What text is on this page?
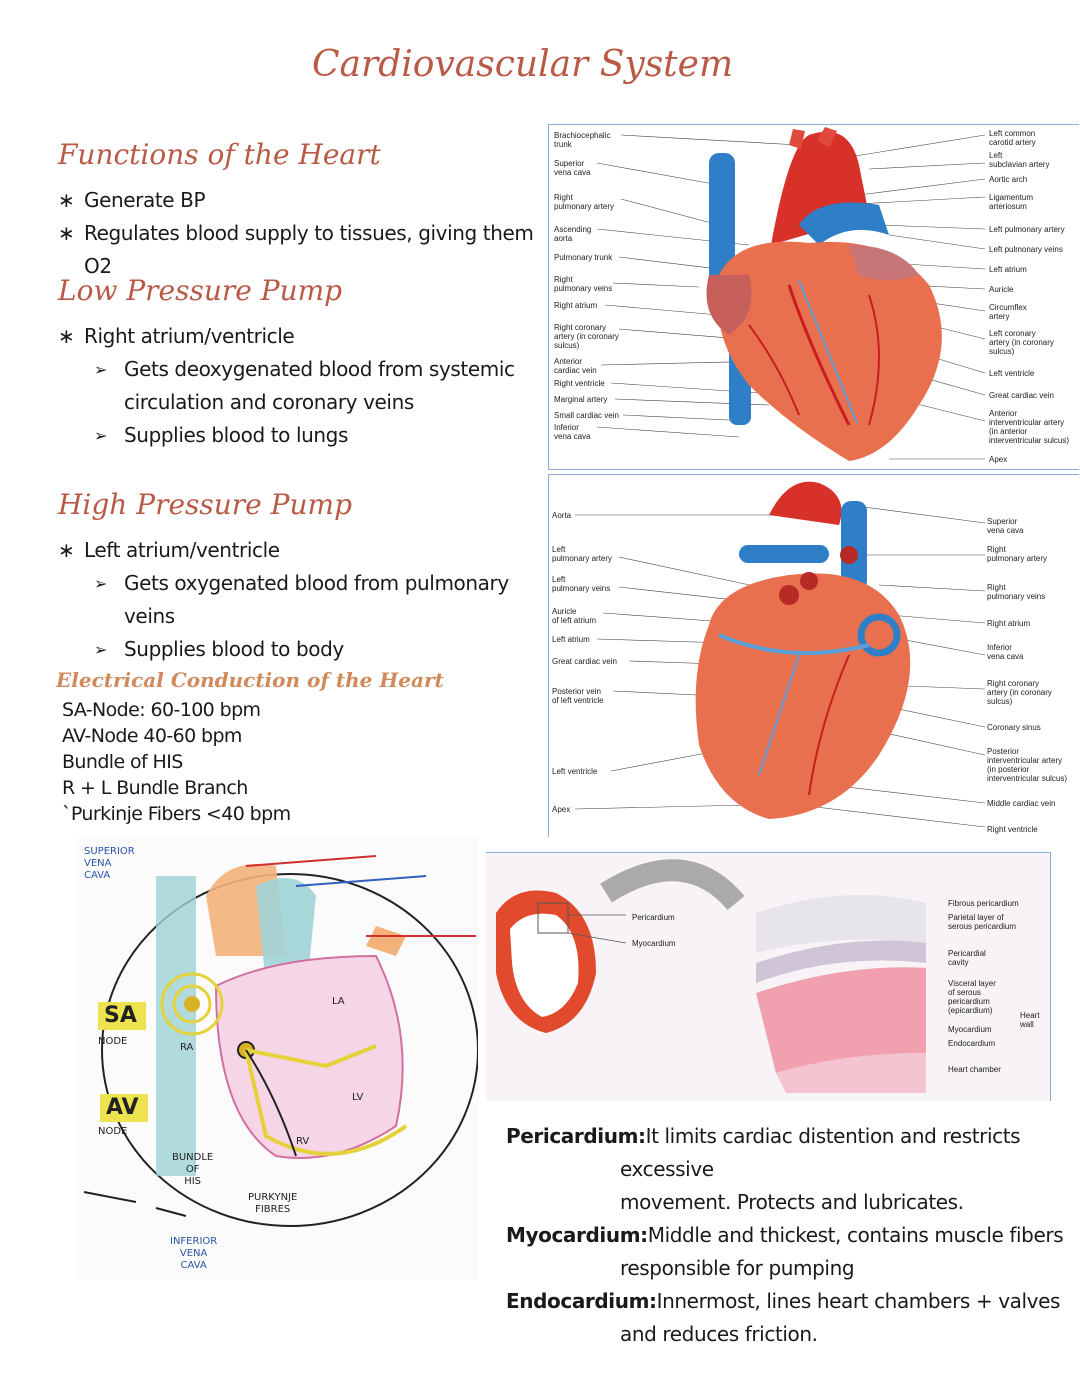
Cardiovascular System
Functions of the Heart
∗ Generate BP
∗ Regulates blood supply to tissues, giving them O2
Low Pressure Pump
∗ Right atrium/ventricle
➢ Gets deoxygenated blood from systemic
circulation and coronary veins
➢ Supplies blood to lungs
High Pressure Pump
∗ Left atrium/ventricle
➢ Gets oxygenated blood from pulmonary veins
➢ Supplies blood to body
Electrical Conduction of the Heart
SA-Node: 60-100 bpm
AV-Node 40-60 bpm
Bundle of HIS
R + L Bundle Branch
`Purkinje Fibers <40 bpm
Brachiocephalic
trunk
Superior
vena cava
Right
pulmonary artery
Ascending
aorta
Pulmonary trunk
Right
pulmonary veins
Right atrium
Right coronary
artery (in coronary
sulcus)
Anterior
cardiac vein
Right ventricle
Marginal artery
Small cardiac vein
Inferior
vena cava
Left common
carotid artery
Left
subclavian artery
Aortic arch
Ligamentum
arteriosum
Left pulmonary artery
Left pulmonary veins
Left atrium
Auricle
Circumflex
artery
Left coronary
artery (in coronary
sulcus)
Left ventricle
Great cardiac vein
Anterior
interventricular artery
(in anterior
interventricular sulcus)
Apex
Aorta
Left
pulmonary artery
Left
pulmonary veins
Auricle
of left atrium
Left atrium
Great cardiac vein
Posterior vein
of left ventricle
Left ventricle
Apex
Superior
vena cava
Right
pulmonary artery
Right
pulmonary veins
Right atrium
Inferior
vena cava
Right coronary
artery (in coronary
sulcus)
Coronary sinus
Posterior
interventricular artery
(in posterior
interventricular sulcus)
Middle cardiac vein
Right ventricle
SUPERIOR
VENA
CAVA
SA
NODE
AV
NODE
RA
LA
LV
RV
BUNDLE
OF
HIS
PURKYNJE
FIBRES
INFERIOR
VENA
CAVA
Pericardium
Myocardium
Fibrous pericardium
Parietal layer of
serous pericardium
Pericardial
cavity
Visceral layer
of serous
pericardium
(epicardium)
Myocardium
Endocardium
Heart chamber
Heart
wall
Pericardium: It limits cardiac distention and restricts
excessive
movement. Protects and lubricates.
Myocardium: Middle and thickest, contains muscle fibers
responsible for pumping
Endocardium: Innermost, lines heart chambers + valves
and reduces friction.
